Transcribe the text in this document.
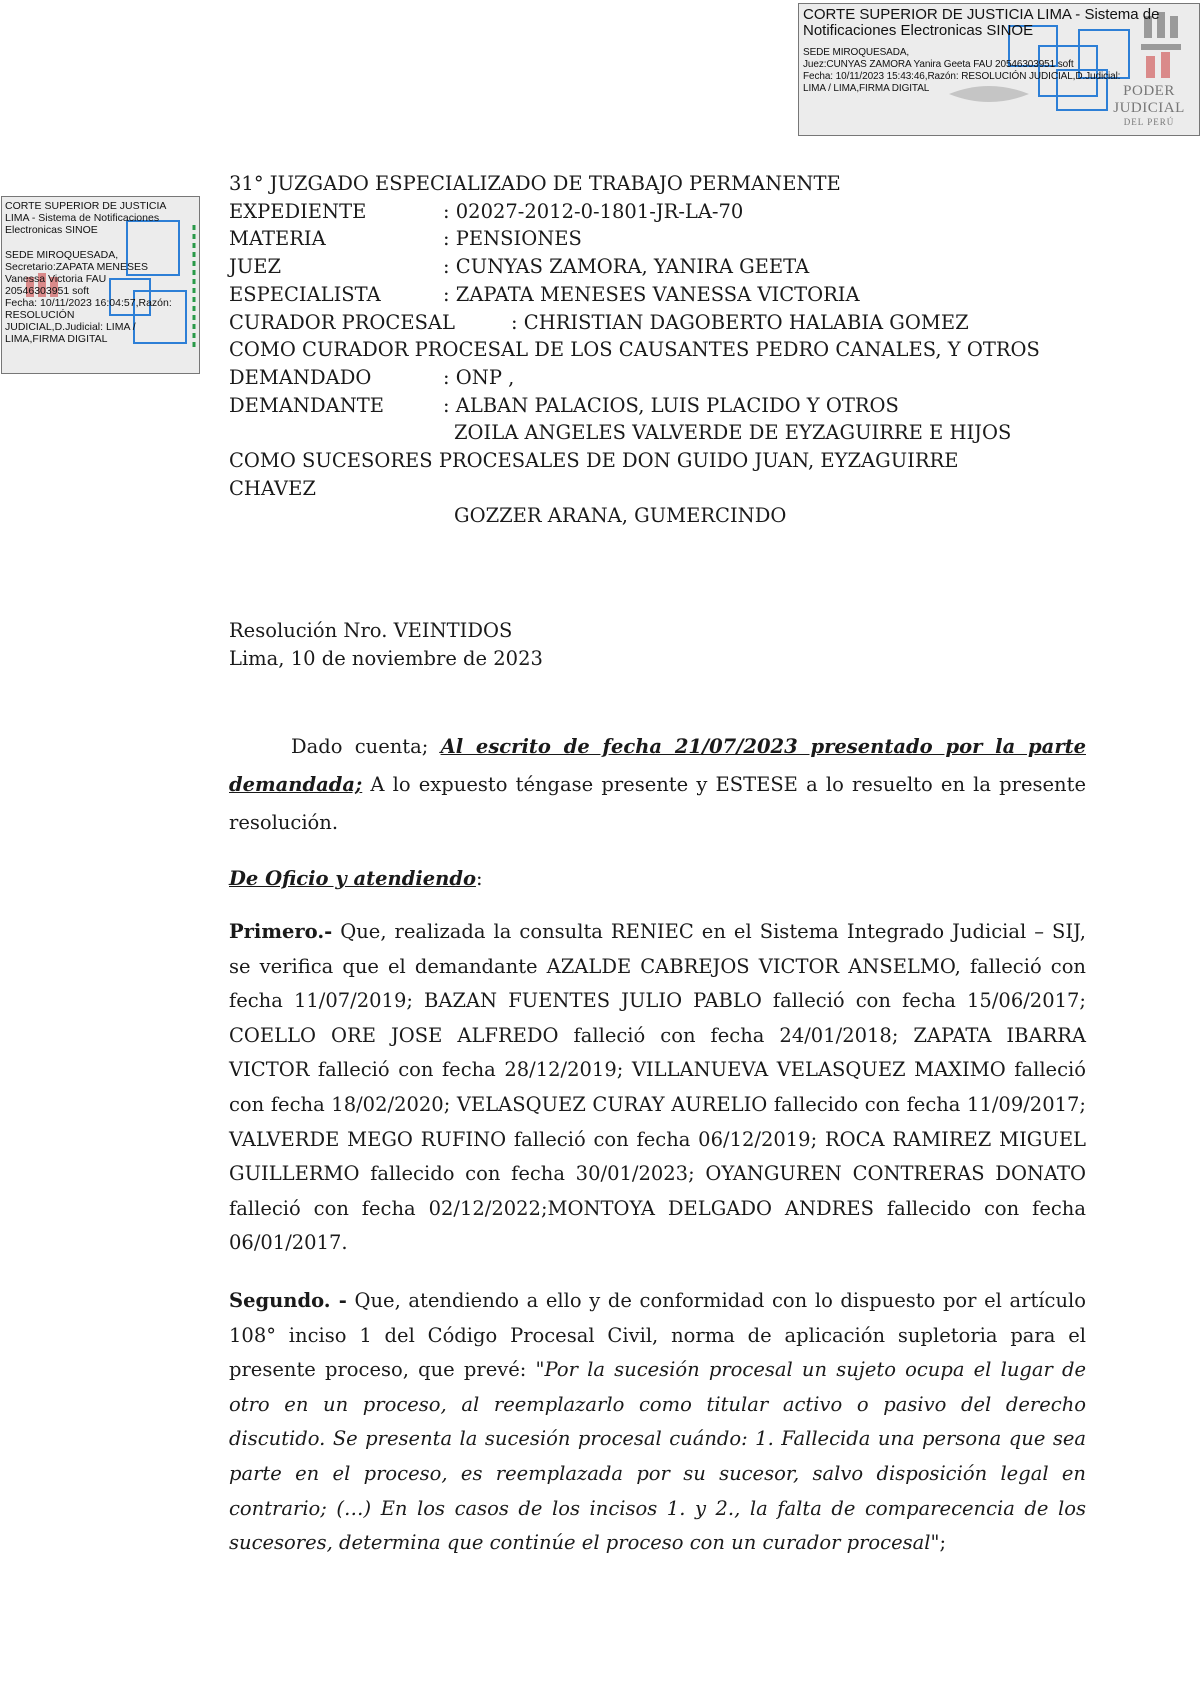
PODER JUDICIAL
DEL PERÚ
CORTE SUPERIOR DE JUSTICIA LIMA - Sistema de
Notificaciones Electronicas SINOE
SEDE MIROQUESADA,
Juez:CUNYAS ZAMORA Yanira Geeta FAU 20546303951 soft
Fecha: 10/11/2023 15:43:46,Razón: RESOLUCIÓN JUDICIAL,D.Judicial:
LIMA / LIMA,FIRMA DIGITAL
CORTE SUPERIOR DE JUSTICIA
LIMA - Sistema de Notificaciones
Electronicas SINOE
SEDE MIROQUESADA,
Secretario:ZAPATA MENESES
Vanessa Victoria FAU
20546303951 soft
Fecha: 10/11/2023 16:04:57,Razón:
RESOLUCIÓN
JUDICIAL,D.Judicial: LIMA /
LIMA,FIRMA DIGITAL
31° JUZGADO ESPECIALIZADO DE TRABAJO PERMANENTE
EXPEDIENTE	: 02027-2012-0-1801-JR-LA-70
MATERIA	: PENSIONES
JUEZ	: CUNYAS ZAMORA, YANIRA GEETA
ESPECIALISTA	: ZAPATA MENESES VANESSA VICTORIA
CURADOR PROCESAL	: CHRISTIAN DAGOBERTO HALABIA GOMEZ
COMO CURADOR PROCESAL DE LOS CAUSANTES PEDRO CANALES, Y OTROS
DEMANDADO	: ONP ,
DEMANDANTE	: ALBAN PALACIOS, LUIS PLACIDO Y OTROS
ZOILA ANGELES VALVERDE DE EYZAGUIRRE E HIJOS
COMO SUCESORES PROCESALES DE DON GUIDO JUAN, EYZAGUIRRE CHAVEZ
GOZZER ARANA, GUMERCINDO
Resolución Nro. VEINTIDOS
Lima, 10 de noviembre de 2023

Dado cuenta; Al escrito de fecha 21/07/2023 presentado por la parte demandada; A lo expuesto téngase presente y ESTESE a lo resuelto en la presente resolución.

De Oficio y atendiendo:

Primero.- Que, realizada la consulta RENIEC en el Sistema Integrado Judicial – SIJ, se verifica que el demandante AZALDE CABREJOS VICTOR ANSELMO, falleció con fecha 11/07/2019; BAZAN FUENTES JULIO PABLO falleció con fecha 15/06/2017; COELLO ORE JOSE ALFREDO falleció con fecha 24/01/2018; ZAPATA IBARRA VICTOR falleció con fecha 28/12/2019; VILLANUEVA VELASQUEZ MAXIMO falleció con fecha 18/02/2020; VELASQUEZ CURAY AURELIO fallecido con fecha 11/09/2017; VALVERDE MEGO RUFINO falleció con fecha 06/12/2019; ROCA RAMIREZ MIGUEL GUILLERMO fallecido con fecha 30/01/2023; OYANGUREN CONTRERAS DONATO falleció con fecha 02/12/2022;MONTOYA DELGADO ANDRES fallecido con fecha 06/01/2017.

Segundo. - Que, atendiendo a ello y de conformidad con lo dispuesto por el artículo 108° inciso 1 del Código Procesal Civil, norma de aplicación supletoria para el presente proceso, que prevé: "Por la sucesión procesal un sujeto ocupa el lugar de otro en un proceso, al reemplazarlo como titular activo o pasivo del derecho discutido. Se presenta la sucesión procesal cuándo: 1. Fallecida una persona que sea parte en el proceso, es reemplazada por su sucesor, salvo disposición legal en contrario; (…) En los casos de los incisos 1. y 2., la falta de comparecencia de los sucesores, determina que continúe el proceso con un curador procesal";
